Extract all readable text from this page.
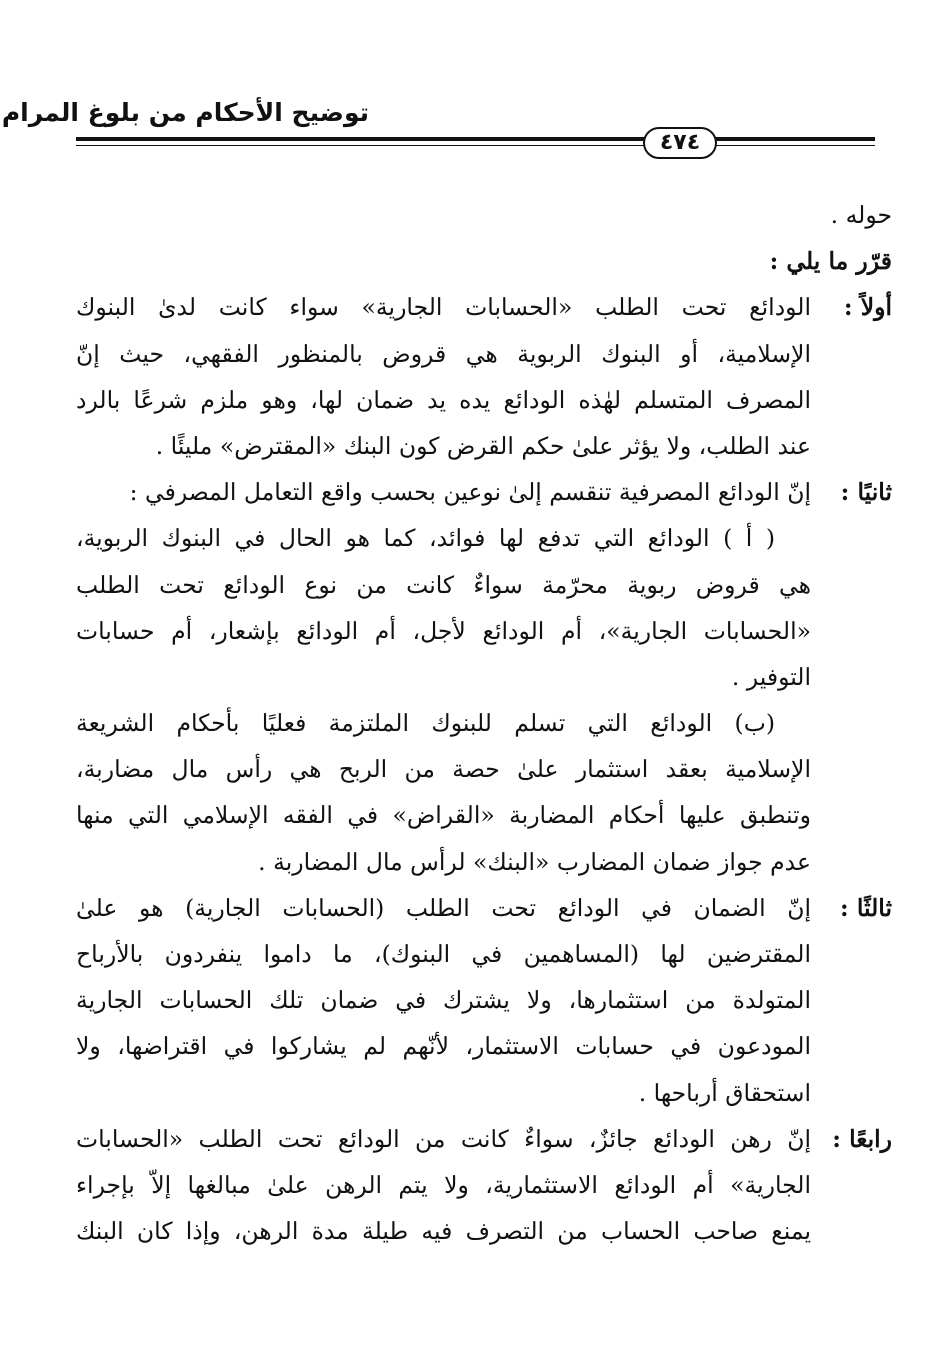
توضيح الأحكام من بلوغ المرام
٤٧٤
حوله .
قرّر ما يلي :
أولاً :
الودائع تحت الطلب «الحسابات الجارية» سواء كانت لدىٰ البنوك
الإسلامية، أو البنوك الربوية هي قروض بالمنظور الفقهي، حيث إنّ
المصرف المتسلم لهٰذه الودائع يده يد ضمان لها، وهو ملزم شرعًا بالرد
عند الطلب، ولا يؤثر علىٰ حكم القرض كون البنك «المقترض» مليئًا .
ثانيًا :
إنّ الودائع المصرفية تنقسم إلىٰ نوعين بحسب واقع التعامل المصرفي :
( أ ) الودائع التي تدفع لها فوائد، كما هو الحال في البنوك الربوية،
هي قروض ربوية محرّمة سواءٌ كانت من نوع الودائع تحت الطلب
«الحسابات الجارية»، أم الودائع لأجل، أم الودائع بإشعار، أم حسابات
التوفير .
(ب) الودائع التي تسلم للبنوك الملتزمة فعليًا بأحكام الشريعة
الإسلامية بعقد استثمار علىٰ حصة من الربح هي رأس مال مضاربة،
وتنطبق عليها أحكام المضاربة «القراض» في الفقه الإسلامي التي منها
عدم جواز ضمان المضارب «البنك» لرأس مال المضاربة .
ثالثًا :
إنّ الضمان في الودائع تحت الطلب (الحسابات الجارية) هو علىٰ
المقترضين لها (المساهمين في البنوك)، ما داموا ينفردون بالأرباح
المتولدة من استثمارها، ولا يشترك في ضمان تلك الحسابات الجارية
المودعون في حسابات الاستثمار، لأنّهم لم يشاركوا في اقتراضها، ولا
استحقاق أرباحها .
رابعًا :
إنّ رهن الودائع جائزٌ، سواءٌ كانت من الودائع تحت الطلب «الحسابات
الجارية» أم الودائع الاستثمارية، ولا يتم الرهن علىٰ مبالغها إلاّ بإجراء
يمنع صاحب الحساب من التصرف فيه طيلة مدة الرهن، وإذا كان البنك
